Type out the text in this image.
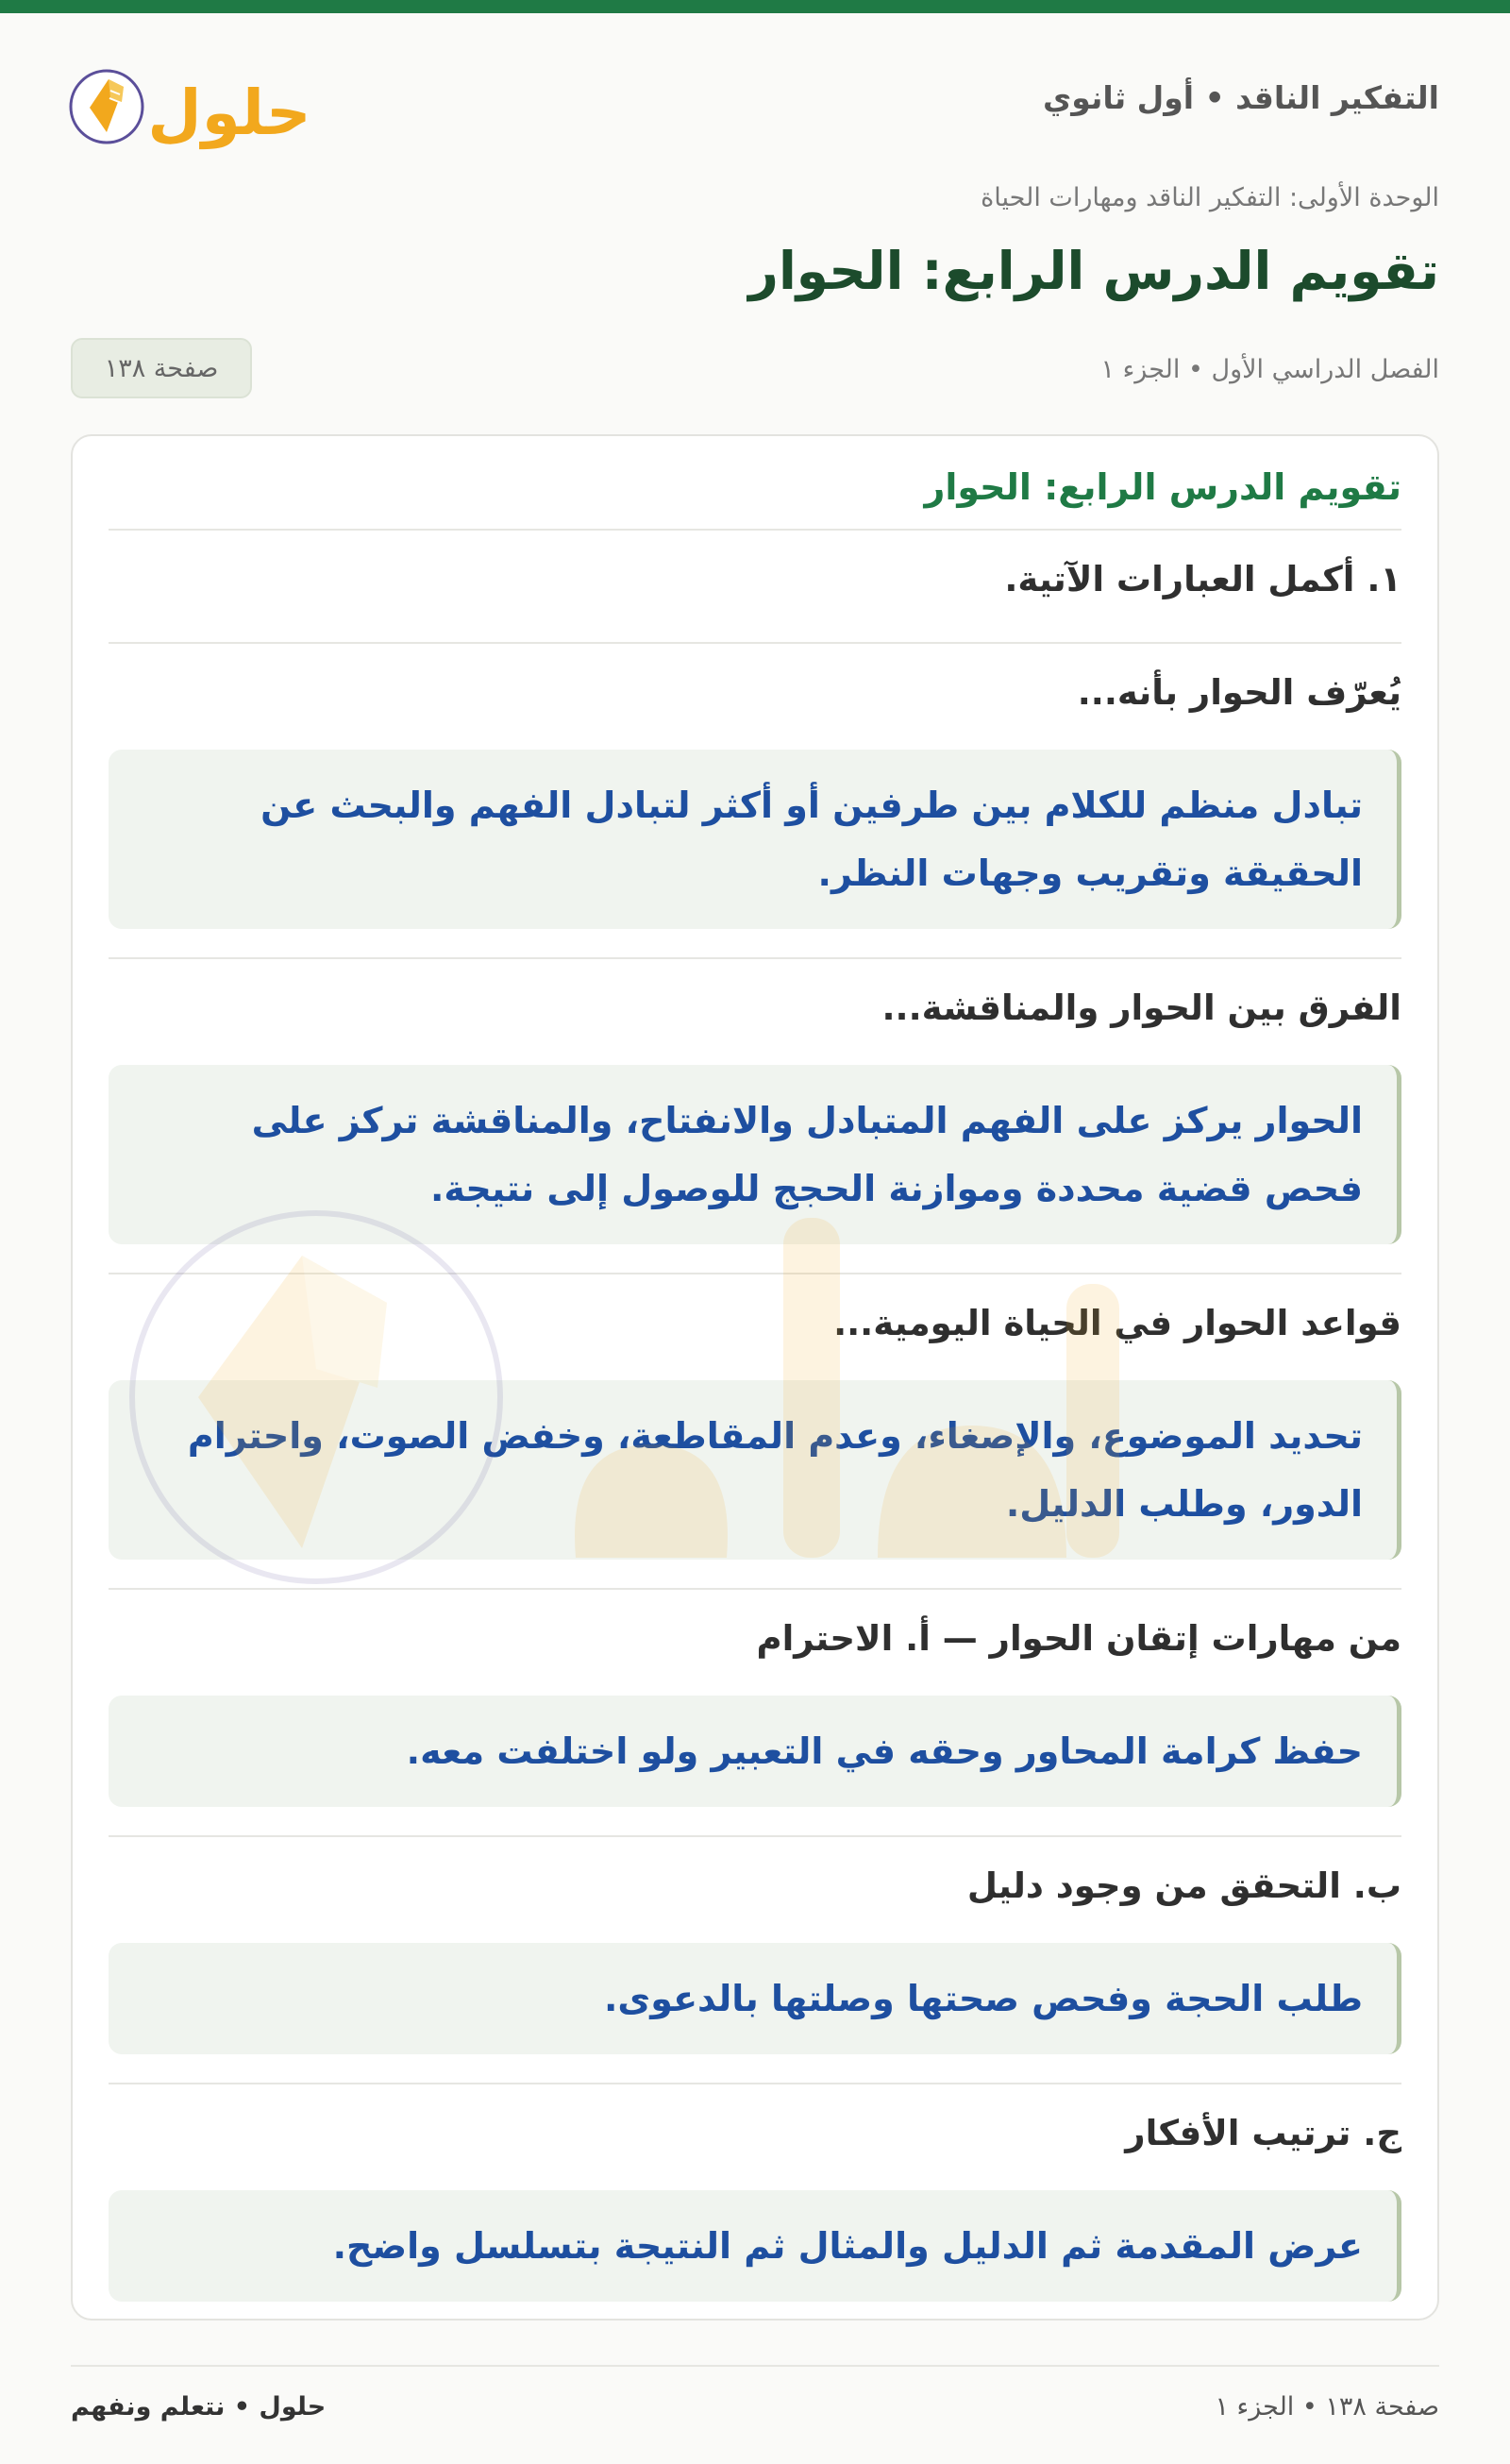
التفكير الناقد • أول ثانوي
حلول
الوحدة الأولى: التفكير الناقد ومهارات الحياة
تقويم الدرس الرابع: الحوار
الفصل الدراسي الأول • الجزء ١
صفحة ١٣٨
تقويم الدرس الرابع: الحوار
١. أكمل العبارات الآتية.
يُعرّف الحوار بأنه...
تبادل منظم للكلام بين طرفين أو أكثر لتبادل الفهم والبحث عن الحقيقة وتقريب وجهات النظر.
الفرق بين الحوار والمناقشة...
الحوار يركز على الفهم المتبادل والانفتاح، والمناقشة تركز على فحص قضية محددة وموازنة الحجج للوصول إلى نتيجة.
قواعد الحوار في الحياة اليومية...
تحديد الموضوع، والإصغاء، وعدم المقاطعة، وخفض الصوت، واحترام الدور، وطلب الدليل.
من مهارات إتقان الحوار — أ. الاحترام
حفظ كرامة المحاور وحقه في التعبير ولو اختلفت معه.
ب. التحقق من وجود دليل
طلب الحجة وفحص صحتها وصلتها بالدعوى.
ج. ترتيب الأفكار
عرض المقدمة ثم الدليل والمثال ثم النتيجة بتسلسل واضح.
حلول • نتعلم ونفهم	صفحة ١٣٨ • الجزء ١
